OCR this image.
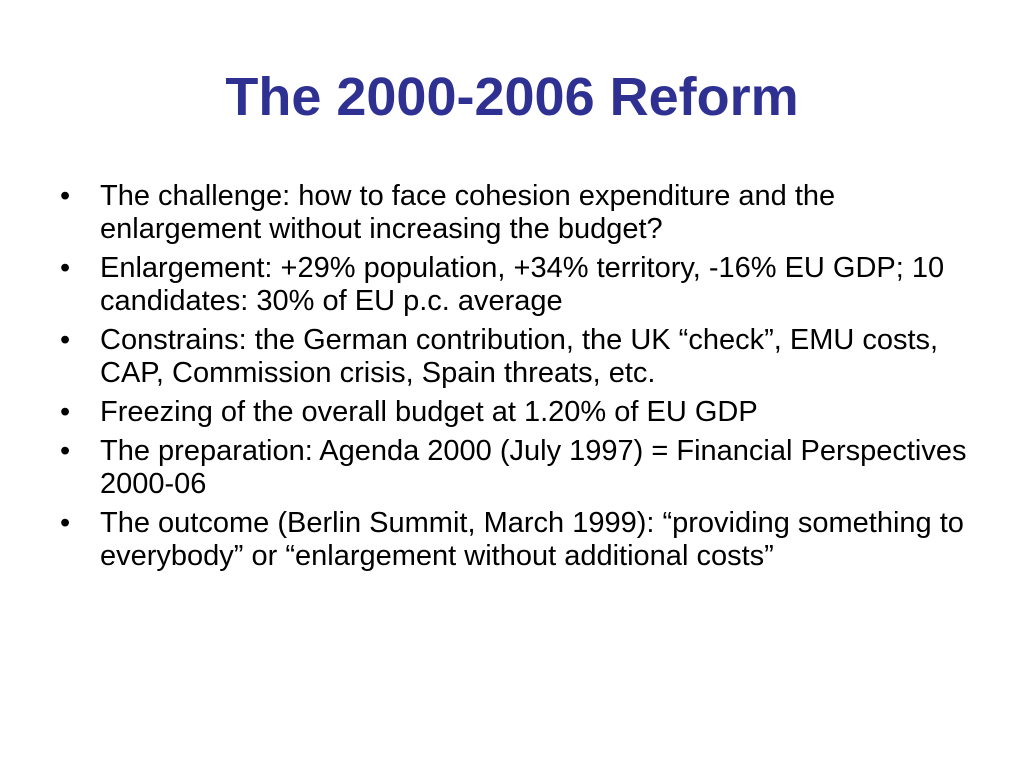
The 2000-2006 Reform
•	The challenge: how to face cohesion expenditure and the enlargement without increasing the budget?
•	Enlargement: +29% population, +34% territory, -16% EU GDP; 10 candidates: 30% of EU p.c. average
•	Constrains: the German contribution, the UK “check”, EMU costs, CAP, Commission crisis, Spain threats, etc.
•	Freezing of the overall budget at 1.20% of EU GDP
•	The preparation: Agenda 2000 (July 1997) = Financial Perspectives 2000-06
•	The outcome (Berlin Summit, March 1999): “providing something to everybody” or “enlargement without additional costs”
